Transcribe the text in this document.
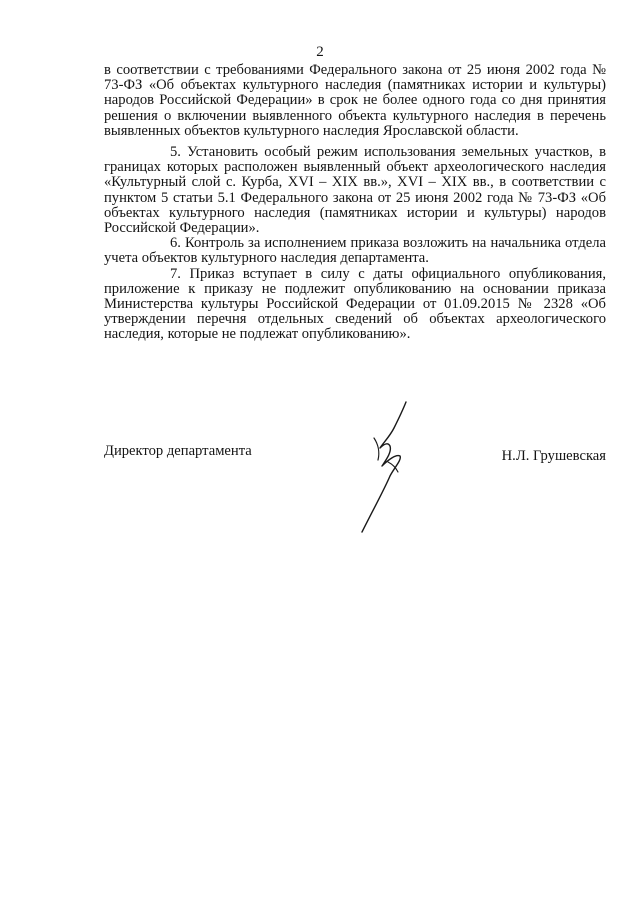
2

в соответствии с требованиями Федерального закона от 25 июня 2002 года № 73-ФЗ «Об объектах культурного наследия (памятниках истории и культуры) народов Российской Федерации» в срок не более одного года со дня принятия решения о включении выявленного объекта культурного наследия в перечень выявленных объектов культурного наследия Ярославской области.

5. Установить особый режим использования земельных участков, в границах которых расположен выявленный объект археологического наследия «Культурный слой с. Курба, XVI – XIX вв.», XVI – XIX вв., в соответствии с пунктом 5 статьи 5.1 Федерального закона от 25 июня 2002 года № 73-ФЗ «Об объектах культурного наследия (памятниках истории и культуры) народов Российской Федерации».

6. Контроль за исполнением приказа возложить на начальника отдела учета объектов культурного наследия департамента.

7. Приказ вступает в силу с даты официального опубликования, приложение к приказу не подлежит опубликованию на основании приказа Министерства культуры Российской Федерации от 01.09.2015 № 2328 «Об утверждении перечня отдельных сведений об объектах археологического наследия, которые не подлежат опубликованию».

Директор департамента	Н.Л. Грушевская
